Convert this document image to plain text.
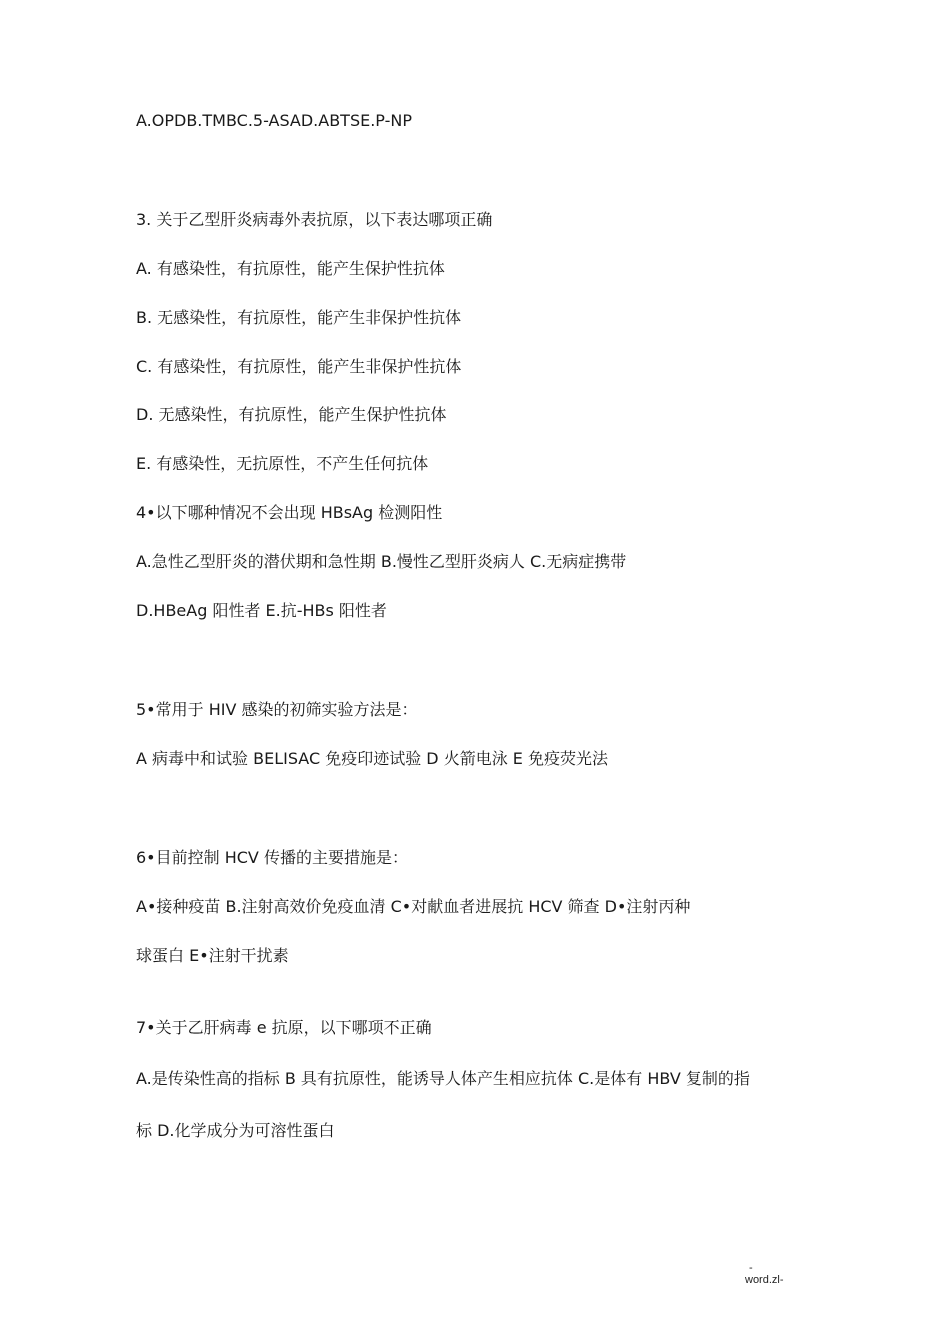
A.OPDB.TMBC.5-ASAD.ABTSE.P-NP

3. 关于乙型肝炎病毒外表抗原，以下表达哪项正确

A. 有感染性，有抗原性，能产生保护性抗体

B. 无感染性，有抗原性，能产生非保护性抗体

C. 有感染性，有抗原性，能产生非保护性抗体

D. 无感染性，有抗原性，能产生保护性抗体

E. 有感染性，无抗原性，不产生任何抗体

4•以下哪种情况不会出现 HBsAg 检测阳性

A.急性乙型肝炎的潜伏期和急性期 B.慢性乙型肝炎病人 C.无病症携带

D.HBeAg 阳性者 E.抗-HBs 阳性者

5•常用于 HIV 感染的初筛实验方法是：

A 病毒中和试验 BELISAC 免疫印迹试验 D 火箭电泳 E 免疫荧光法

6•目前控制 HCV 传播的主要措施是：

A•接种疫苗 B.注射高效价免疫血清 C•对献血者进展抗 HCV 筛查 D•注射丙种

球蛋白 E•注射干扰素

7•关于乙肝病毒 e 抗原，以下哪项不正确

A.是传染性高的指标 B 具有抗原性，能诱导人体产生相应抗体 C.是体有 HBV 复制的指

标 D.化学成分为可溶性蛋白

-
word.zl-
